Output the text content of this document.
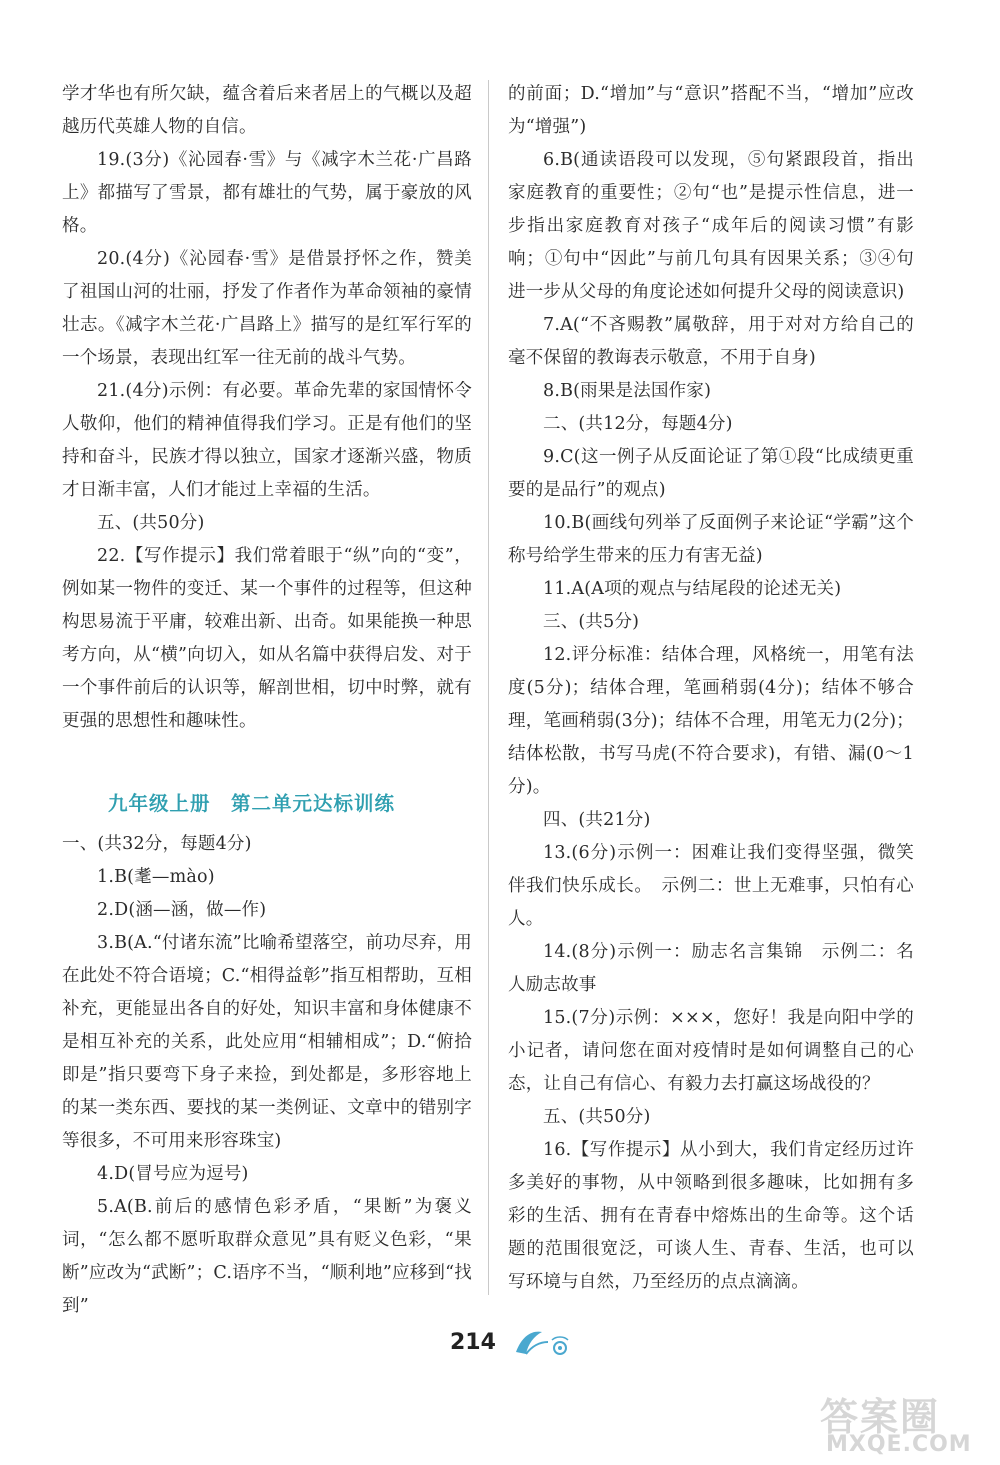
学才华也有所欠缺，蕴含着后来者居上的气概以及超越历代英雄人物的自信。

19.(3分)《沁园春·雪》与《减字木兰花·广昌路上》都描写了雪景，都有雄壮的气势，属于豪放的风格。

20.(4分)《沁园春·雪》是借景抒怀之作，赞美了祖国山河的壮丽，抒发了作者作为革命领袖的豪情壮志。《减字木兰花·广昌路上》描写的是红军行军的一个场景，表现出红军一往无前的战斗气势。

21.(4分)示例：有必要。革命先辈的家国情怀令人敬仰，他们的精神值得我们学习。正是有他们的坚持和奋斗，民族才得以独立，国家才逐渐兴盛，物质才日渐丰富，人们才能过上幸福的生活。

五、(共50分)

22.【写作提示】我们常着眼于“纵”向的“变”，例如某一物件的变迁、某一个事件的过程等，但这种构思易流于平庸，较难出新、出奇。如果能换一种思考方向，从“横”向切入，如从名篇中获得启发、对于一个事件前后的认识等，解剖世相，切中时弊，就有更强的思想性和趣味性。

九年级上册　第二单元达标训练

一、(共32分，每题4分)

1.B(耄—mào)

2.D(涵—涵，做—作)

3.B(A.“付诸东流”比喻希望落空，前功尽弃，用在此处不符合语境；C.“相得益彰”指互相帮助，互相补充，更能显出各自的好处，知识丰富和身体健康不是相互补充的关系，此处应用“相辅相成”；D.“俯拾即是”指只要弯下身子来捡，到处都是，多形容地上的某一类东西、要找的某一类例证、文章中的错别字等很多，不可用来形容珠宝)

4.D(冒号应为逗号)

5.A(B.前后的感情色彩矛盾，“果断”为褒义词，“怎么都不愿听取群众意见”具有贬义色彩，“果断”应改为“武断”；C.语序不当，“顺利地”应移到“找到”

的前面；D.“增加”与“意识”搭配不当，“增加”应改为“增强”)

6.B(通读语段可以发现，⑤句紧跟段首，指出家庭教育的重要性；②句“也”是提示性信息，进一步指出家庭教育对孩子“成年后的阅读习惯”有影响；①句中“因此”与前几句具有因果关系；③④句进一步从父母的角度论述如何提升父母的阅读意识)

7.A(“不吝赐教”属敬辞，用于对对方给自己的毫不保留的教诲表示敬意，不用于自身)

8.B(雨果是法国作家)

二、(共12分，每题4分)

9.C(这一例子从反面论证了第①段“比成绩更重要的是品行”的观点)

10.B(画线句列举了反面例子来论证“学霸”这个称号给学生带来的压力有害无益)

11.A(A项的观点与结尾段的论述无关)

三、(共5分)

12.评分标准：结体合理，风格统一，用笔有法度(5分)；结体合理，笔画稍弱(4分)；结体不够合理，笔画稍弱(3分)；结体不合理，用笔无力(2分)；结体松散，书写马虎(不符合要求)，有错、漏(0～1分)。

四、(共21分)

13.(6分)示例一：困难让我们变得坚强，微笑伴我们快乐成长。　示例二：世上无难事，只怕有心人。

14.(8分)示例一：励志名言集锦　示例二：名人励志故事

15.(7分)示例：×××，您好！我是向阳中学的小记者，请问您在面对疫情时是如何调整自己的心态，让自己有信心、有毅力去打赢这场战役的？

五、(共50分)

16.【写作提示】从小到大，我们肯定经历过许多美好的事物，从中领略到很多趣味，比如拥有多彩的生活、拥有在青春中熔炼出的生命等。这个话题的范围很宽泛，可谈人生、青春、生活，也可以写环境与自然，乃至经历的点点滴滴。

214
答案圈
MXQE.COM
